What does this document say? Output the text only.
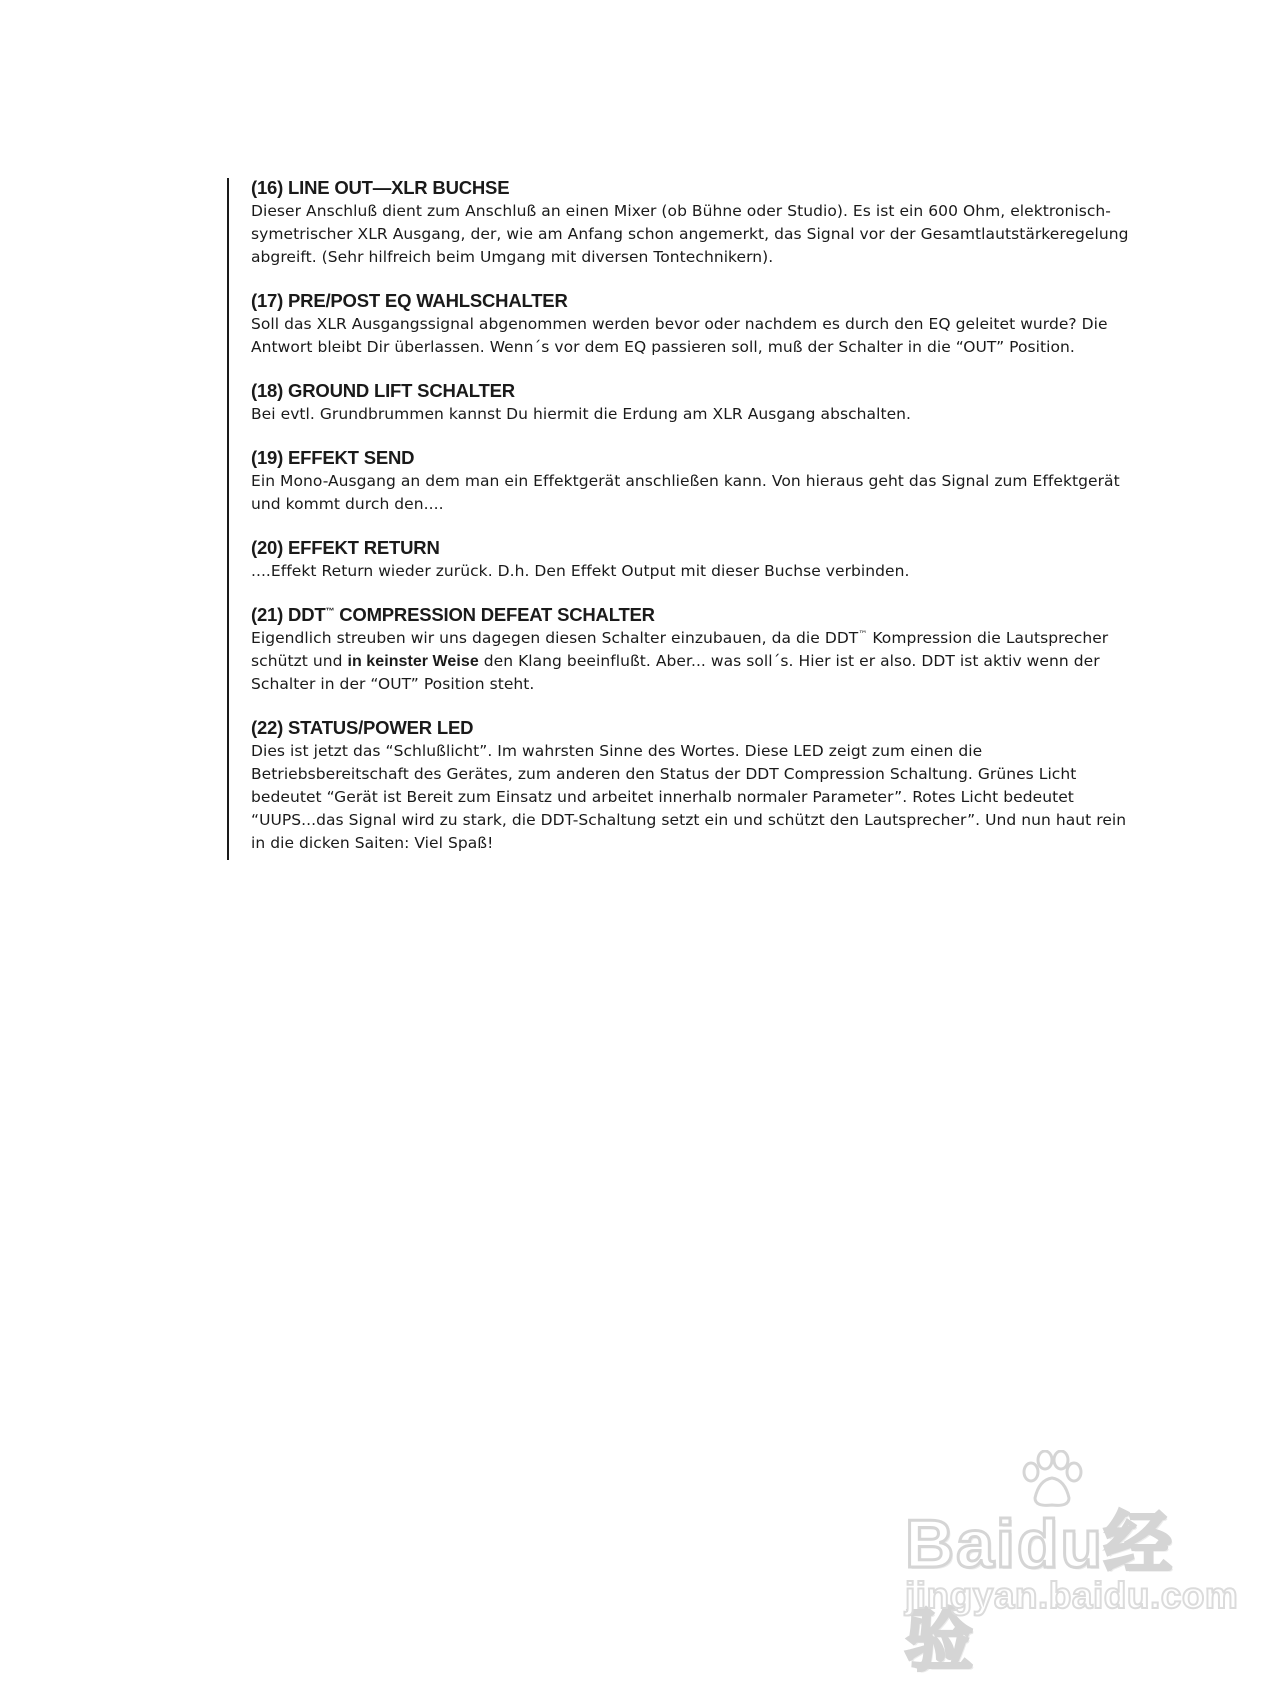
(16) LINE OUT—XLR BUCHSE

Dieser Anschluß dient zum Anschluß an einen Mixer (ob Bühne oder Studio). Es ist ein 600 Ohm, elektronisch-
symetrischer XLR Ausgang, der, wie am Anfang schon angemerkt, das Signal vor der Gesamtlautstärkeregelung
abgreift. (Sehr hilfreich beim Umgang mit diversen Tontechnikern).

(17) PRE/POST EQ WAHLSCHALTER

Soll das XLR Ausgangssignal abgenommen werden bevor oder nachdem es durch den EQ geleitet wurde? Die
Antwort bleibt Dir überlassen. Wenn´s vor dem EQ passieren soll, muß der Schalter in die “OUT” Position.

(18) GROUND LIFT SCHALTER

Bei evtl. Grundbrummen kannst Du hiermit die Erdung am XLR Ausgang abschalten.

(19) EFFEKT SEND

Ein Mono-Ausgang an dem man ein Effektgerät anschließen kann. Von hieraus geht das Signal zum Effektgerät
und kommt durch den....

(20) EFFEKT RETURN

....Effekt Return wieder zurück. D.h. Den Effekt Output mit dieser Buchse verbinden.

(21) DDT™ COMPRESSION DEFEAT SCHALTER

Eigendlich streuben wir uns dagegen diesen Schalter einzubauen, da die DDT™ Kompression die Lautsprecher
schützt und in keinster Weise den Klang beeinflußt. Aber... was soll´s. Hier ist er also. DDT ist aktiv wenn der
Schalter in der “OUT” Position steht.

(22) STATUS/POWER LED

Dies ist jetzt das “Schlußlicht”. Im wahrsten Sinne des Wortes. Diese LED zeigt zum einen die
Betriebsbereitschaft des Gerätes, zum anderen den Status der DDT Compression Schaltung. Grünes Licht
bedeutet “Gerät ist Bereit zum Einsatz und arbeitet innerhalb normaler Parameter”. Rotes Licht bedeutet
“UUPS...das Signal wird zu stark, die DDT-Schaltung setzt ein und schützt den Lautsprecher”. Und nun haut rein
in die dicken Saiten: Viel Spaß!

Baidu经验
jingyan.baidu.com
